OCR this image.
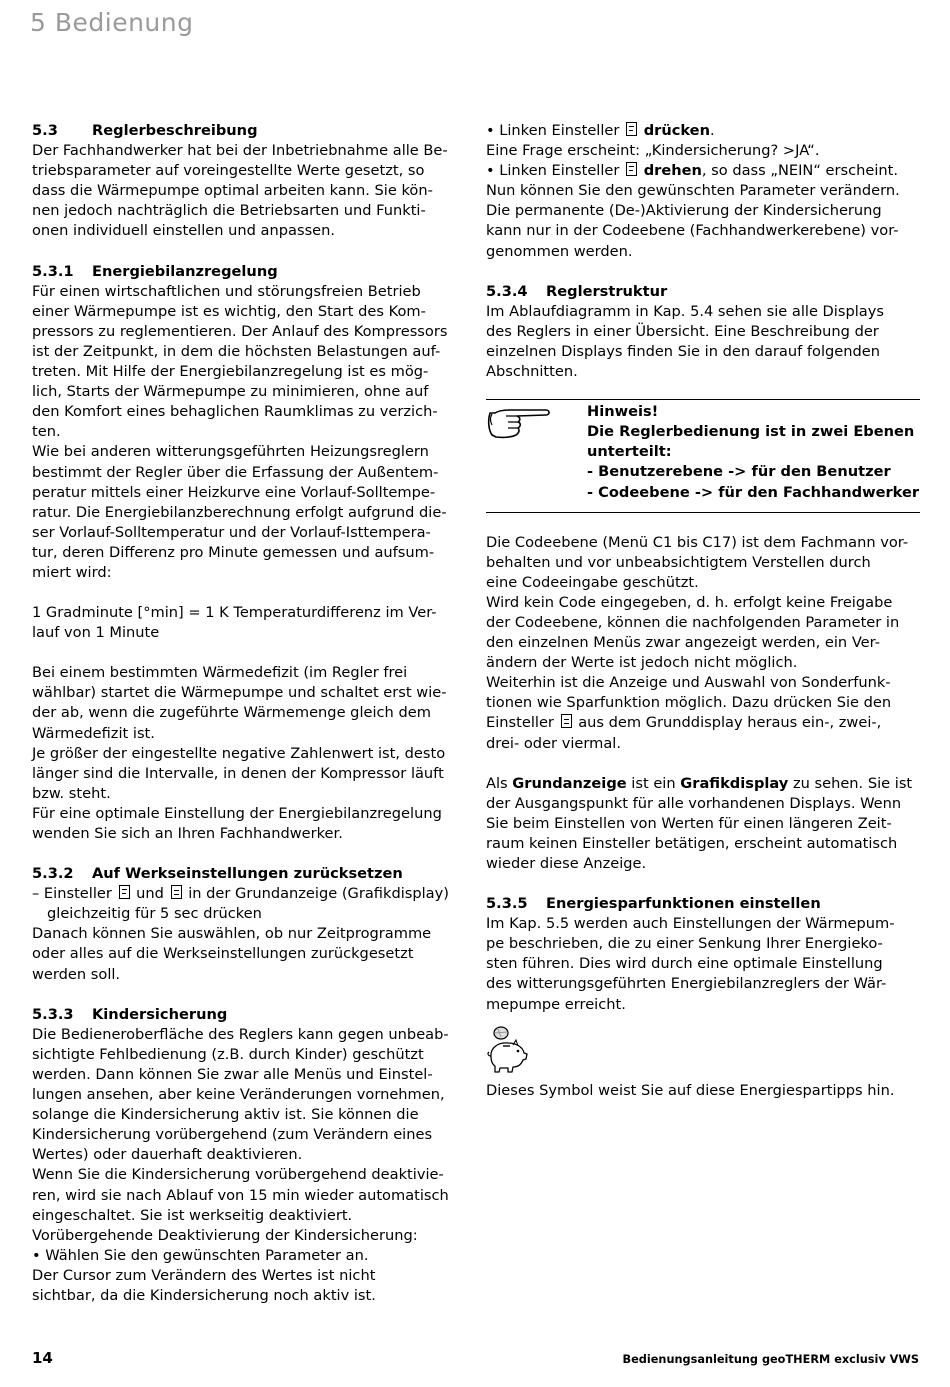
5 Bedienung
5.3 Reglerbeschreibung

Der Fachhandwerker hat bei der Inbetriebnahme alle Be-

triebsparameter auf voreingestellte Werte gesetzt, so

dass die Wärmepumpe optimal arbeiten kann. Sie kön-

nen jedoch nachträglich die Betriebsarten und Funkti-

onen individuell einstellen und anpassen.

5.3.1 Energiebilanzregelung

Für einen wirtschaftlichen und störungsfreien Betrieb

einer Wärmepumpe ist es wichtig, den Start des Kom-

pressors zu reglementieren. Der Anlauf des Kompressors

ist der Zeitpunkt, in dem die höchsten Belastungen auf-

treten. Mit Hilfe der Energiebilanzregelung ist es mög-

lich, Starts der Wärmepumpe zu minimieren, ohne auf

den Komfort eines behaglichen Raumklimas zu verzich-

ten.

Wie bei anderen witterungsgeführten Heizungsreglern

bestimmt der Regler über die Erfassung der Außentem-

peratur mittels einer Heizkurve eine Vorlauf-Solltempe-

ratur. Die Energiebilanzberechnung erfolgt aufgrund die-

ser Vorlauf-Solltemperatur und der Vorlauf-Isttempera-

tur, deren Differenz pro Minute gemessen und aufsum-

miert wird:

1 Gradminute [°min] = 1 K Temperaturdifferenz im Ver-

lauf von 1 Minute

Bei einem bestimmten Wärmedefizit (im Regler frei

wählbar) startet die Wärmepumpe und schaltet erst wie-

der ab, wenn die zugeführte Wärmemenge gleich dem

Wärmedefizit ist.

Je größer der eingestellte negative Zahlenwert ist, desto

länger sind die Intervalle, in denen der Kompressor läuft

bzw. steht.

Für eine optimale Einstellung der Energiebilanzregelung

wenden Sie sich an Ihren Fachhandwerker.

5.3.2 Auf Werkseinstellungen zurücksetzen

– Einsteller und in der Grundanzeige (Grafikdisplay)

gleichzeitig für 5 sec drücken

Danach können Sie auswählen, ob nur Zeitprogramme

oder alles auf die Werkseinstellungen zurückgesetzt

werden soll.

5.3.3 Kindersicherung

Die Bedieneroberfläche des Reglers kann gegen unbeab-

sichtigte Fehlbedienung (z.B. durch Kinder) geschützt

werden. Dann können Sie zwar alle Menüs und Einstel-

lungen ansehen, aber keine Veränderungen vornehmen,

solange die Kindersicherung aktiv ist. Sie können die

Kindersicherung vorübergehend (zum Verändern eines

Wertes) oder dauerhaft deaktivieren.

Wenn Sie die Kindersicherung vorübergehend deaktivie-

ren, wird sie nach Ablauf von 15 min wieder automatisch

eingeschaltet. Sie ist werkseitig deaktiviert.

Vorübergehende Deaktivierung der Kindersicherung:

• Wählen Sie den gewünschten Parameter an.

Der Cursor zum Verändern des Wertes ist nicht

sichtbar, da die Kindersicherung noch aktiv ist.

• Linken Einsteller drücken.

Eine Frage erscheint: „Kindersicherung? >JA“.

• Linken Einsteller drehen, so dass „NEIN“ erscheint.

Nun können Sie den gewünschten Parameter verändern.

Die permanente (De-)Aktivierung der Kindersicherung

kann nur in der Codeebene (Fachhandwerkerebene) vor-

genommen werden.

5.3.4 Reglerstruktur

Im Ablaufdiagramm in Kap. 5.4 sehen sie alle Displays

des Reglers in einer Übersicht. Eine Beschreibung der

einzelnen Displays finden Sie in den darauf folgenden

Abschnitten.

Hinweis!

Die Reglerbedienung ist in zwei Ebenen

unterteilt:

- Benutzerebene -> für den Benutzer

- Codeebene -> für den Fachhandwerker

Die Codeebene (Menü C1 bis C17) ist dem Fachmann vor-

behalten und vor unbeabsichtigtem Verstellen durch

eine Codeeingabe geschützt.

Wird kein Code eingegeben, d. h. erfolgt keine Freigabe

der Codeebene, können die nachfolgenden Parameter in

den einzelnen Menüs zwar angezeigt werden, ein Ver-

ändern der Werte ist jedoch nicht möglich.

Weiterhin ist die Anzeige und Auswahl von Sonderfunk-

tionen wie Sparfunktion möglich. Dazu drücken Sie den

Einsteller aus dem Grunddisplay heraus ein-, zwei-,

drei- oder viermal.

Als Grundanzeige ist ein Grafikdisplay zu sehen. Sie ist

der Ausgangspunkt für alle vorhandenen Displays. Wenn

Sie beim Einstellen von Werten für einen längeren Zeit-

raum keinen Einsteller betätigen, erscheint automatisch

wieder diese Anzeige.

5.3.5 Energiesparfunktionen einstellen

Im Kap. 5.5 werden auch Einstellungen der Wärmepum-

pe beschrieben, die zu einer Senkung Ihrer Energieko-

sten führen. Dies wird durch eine optimale Einstellung

des witterungsgeführten Energiebilanzreglers der Wär-

mepumpe erreicht.

Dieses Symbol weist Sie auf diese Energiespartipps hin.

14	Bedienungsanleitung geoTHERM exclusiv VWS
